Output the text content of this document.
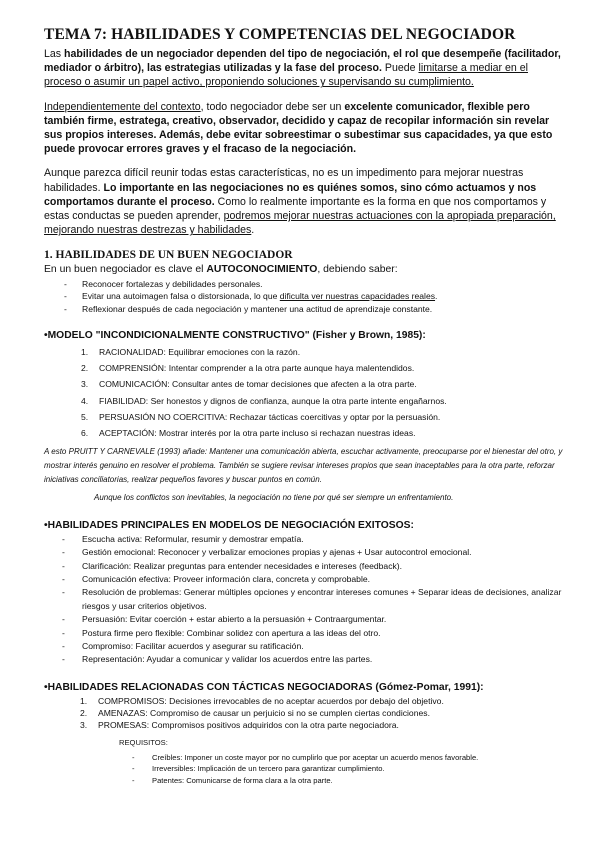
TEMA 7: HABILIDADES Y COMPETENCIAS DEL NEGOCIADOR

Las habilidades de un negociador dependen del tipo de negociación, el rol que desempeñe (facilitador, mediador o árbitro), las estrategias utilizadas y la fase del proceso. Puede limitarse a mediar en el proceso o asumir un papel activo, proponiendo soluciones y supervisando su cumplimiento.

Independientemente del contexto, todo negociador debe ser un excelente comunicador, flexible pero también firme, estratega, creativo, observador, decidido y capaz de recopilar información sin revelar sus propios intereses. Además, debe evitar sobreestimar o subestimar sus capacidades, ya que esto puede provocar errores graves y el fracaso de la negociación.

Aunque parezca difícil reunir todas estas características, no es un impedimento para mejorar nuestras habilidades. Lo importante en las negociaciones no es quiénes somos, sino cómo actuamos y nos comportamos durante el proceso. Como lo realmente importante es la forma en que nos comportamos y estas conductas se pueden aprender, podremos mejorar nuestras actuaciones con la apropiada preparación, mejorando nuestras destrezas y habilidades.

1. HABILIDADES DE UN BUEN NEGOCIADOR

En un buen negociador es clave el AUTOCONOCIMIENTO, debiendo saber:

- Reconocer fortalezas y debilidades personales.
- Evitar una autoimagen falsa o distorsionada, lo que dificulta ver nuestras capacidades reales.
- Reflexionar después de cada negociación y mantener una actitud de aprendizaje constante.

•MODELO "INCONDICIONALMENTE CONSTRUCTIVO" (Fisher y Brown, 1985):

1. RACIONALIDAD: Equilibrar emociones con la razón.
2. COMPRENSIÓN: Intentar comprender a la otra parte aunque haya malentendidos.
3. COMUNICACIÓN: Consultar antes de tomar decisiones que afecten a la otra parte.
4. FIABILIDAD: Ser honestos y dignos de confianza, aunque la otra parte intente engañarnos.
5. PERSUASIÓN NO COERCITIVA: Rechazar tácticas coercitivas y optar por la persuasión.
6. ACEPTACIÓN: Mostrar interés por la otra parte incluso si rechazan nuestras ideas.

A esto PRUITT Y CARNEVALE (1993) añade: Mantener una comunicación abierta, escuchar activamente, preocuparse por el bienestar del otro, y mostrar interés genuino en resolver el problema. También se sugiere revisar intereses propios que sean inaceptables para la otra parte, reforzar iniciativas conciliatorias, realizar pequeños favores y buscar puntos en común.

Aunque los conflictos son inevitables, la negociación no tiene por qué ser siempre un enfrentamiento.

•HABILIDADES PRINCIPALES EN MODELOS DE NEGOCIACIÓN EXITOSOS:

- Escucha activa: Reformular, resumir y demostrar empatía.
- Gestión emocional: Reconocer y verbalizar emociones propias y ajenas + Usar autocontrol emocional.
- Clarificación: Realizar preguntas para entender necesidades e intereses (feedback).
- Comunicación efectiva: Proveer información clara, concreta y comprobable.
- Resolución de problemas: Generar múltiples opciones y encontrar intereses comunes + Separar ideas de decisiones, analizar riesgos y usar criterios objetivos.
- Persuasión: Evitar coerción + estar abierto a la persuasión + Contraargumentar.
- Postura firme pero flexible: Combinar solidez con apertura a las ideas del otro.
- Compromiso: Facilitar acuerdos y asegurar su ratificación.
- Representación: Ayudar a comunicar y validar los acuerdos entre las partes.

•HABILIDADES RELACIONADAS CON TÁCTICAS NEGOCIADORAS (Gómez-Pomar, 1991):

1. COMPROMISOS: Decisiones irrevocables de no aceptar acuerdos por debajo del objetivo.
2. AMENAZAS: Compromiso de causar un perjuicio si no se cumplen ciertas condiciones.
3. PROMESAS: Compromisos positivos adquiridos con la otra parte negociadora.

REQUISITOS:

- Creíbles: Imponer un coste mayor por no cumplirlo que por aceptar un acuerdo menos favorable.
- Irreversibles: Implicación de un tercero para garantizar cumplimiento.
- Patentes: Comunicarse de forma clara a la otra parte.
